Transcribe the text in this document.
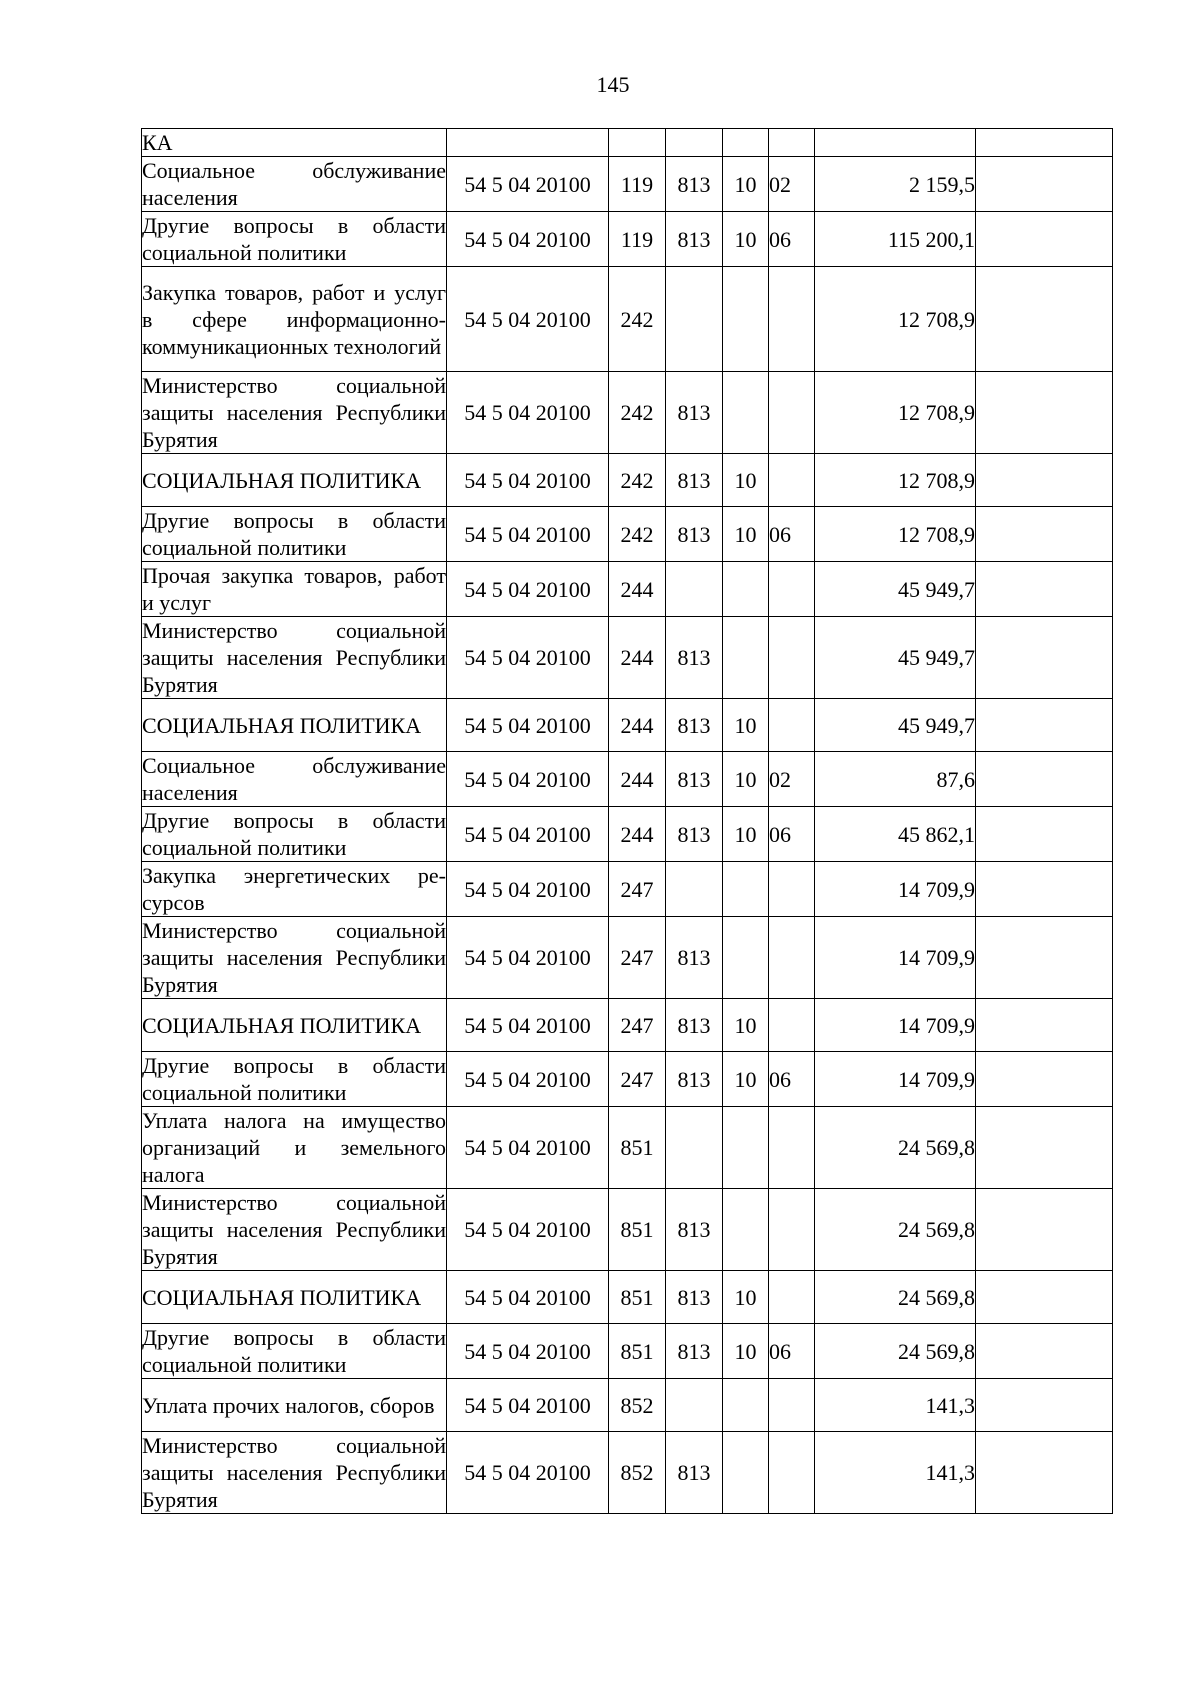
145
КА							
Социальное обслуживание населения	54 5 04 20100	119	813	10	02	2 159,5	
Другие вопросы в области социальной политики	54 5 04 20100	119	813	10	06	115 200,1	
Закупка товаров, работ и услуг в сфере информационно-коммуникационных технологий	54 5 04 20100	242				12 708,9	
Министерство социальной защиты населения Республики Бурятия	54 5 04 20100	242	813			12 708,9	
СОЦИАЛЬНАЯ ПОЛИТИКА	54 5 04 20100	242	813	10		12 708,9	
Другие вопросы в области социальной политики	54 5 04 20100	242	813	10	06	12 708,9	
Прочая закупка товаров, работ и услуг	54 5 04 20100	244				45 949,7	
Министерство социальной защиты населения Республики Бурятия	54 5 04 20100	244	813			45 949,7	
СОЦИАЛЬНАЯ ПОЛИТИКА	54 5 04 20100	244	813	10		45 949,7	
Социальное обслуживание населения	54 5 04 20100	244	813	10	02	87,6	
Другие вопросы в области социальной политики	54 5 04 20100	244	813	10	06	45 862,1	
Закупка энергетических ресурсов	54 5 04 20100	247				14 709,9	
Министерство социальной защиты населения Республики Бурятия	54 5 04 20100	247	813			14 709,9	
СОЦИАЛЬНАЯ ПОЛИТИКА	54 5 04 20100	247	813	10		14 709,9	
Другие вопросы в области социальной политики	54 5 04 20100	247	813	10	06	14 709,9	
Уплата налога на имущество организаций и земельного налога	54 5 04 20100	851				24 569,8	
Министерство социальной защиты населения Республики Бурятия	54 5 04 20100	851	813			24 569,8	
СОЦИАЛЬНАЯ ПОЛИТИКА	54 5 04 20100	851	813	10		24 569,8	
Другие вопросы в области социальной политики	54 5 04 20100	851	813	10	06	24 569,8	
Уплата прочих налогов, сборов	54 5 04 20100	852				141,3	
Министерство социальной защиты населения Республики Бурятия	54 5 04 20100	852	813			141,3	
